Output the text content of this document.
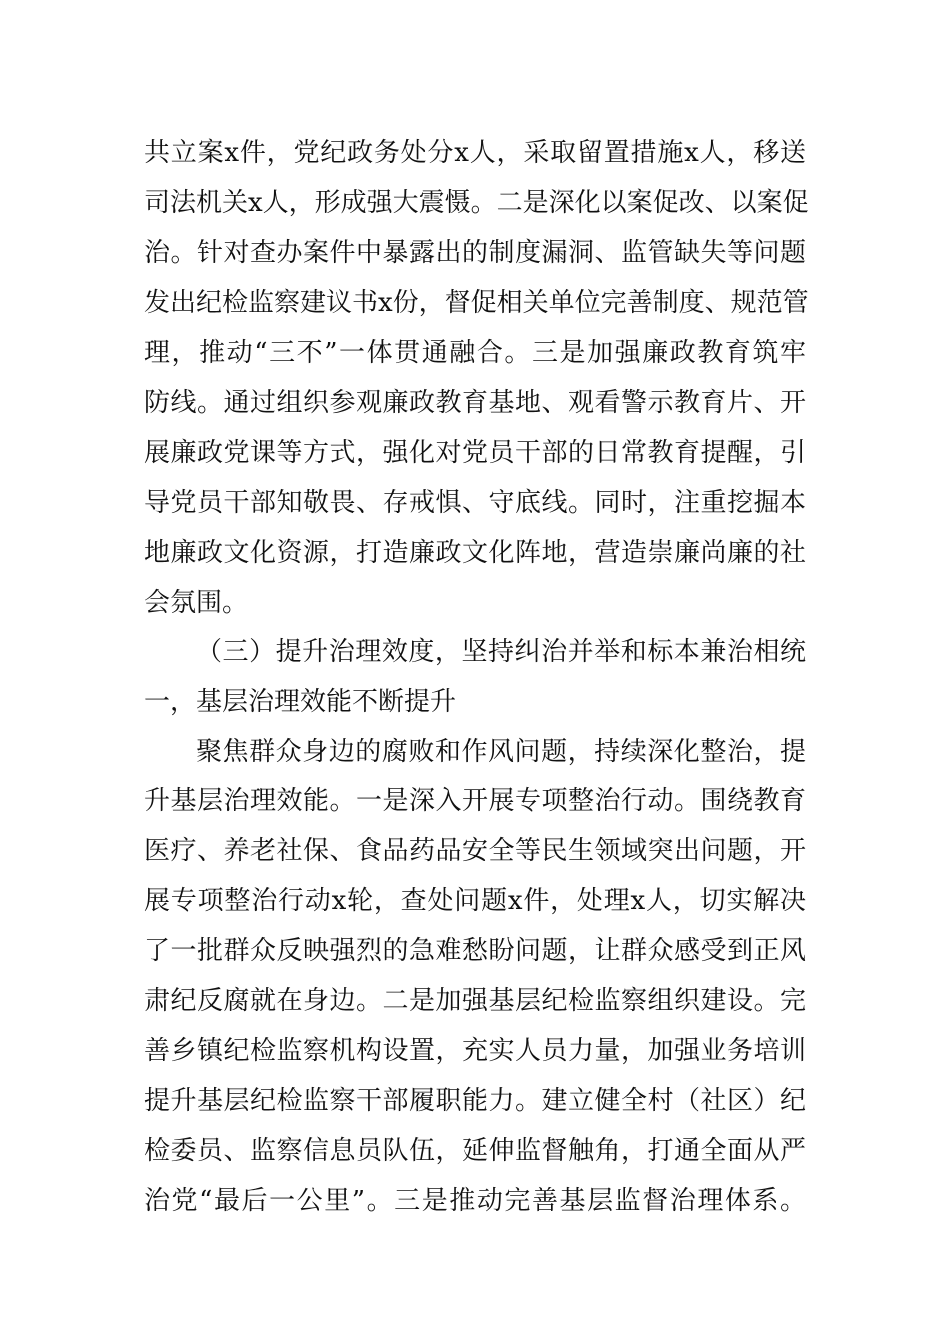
共立案x件，党纪政务处分x人，采取留置措施x人，移送
司法机关x人，形成强大震慑。二是深化以案促改、以案促
治。针对查办案件中暴露出的制度漏洞、监管缺失等问题
发出纪检监察建议书x份，督促相关单位完善制度、规范管
理，推动“三不”一体贯通融合。三是加强廉政教育筑牢
防线。通过组织参观廉政教育基地、观看警示教育片、开
展廉政党课等方式，强化对党员干部的日常教育提醒，引
导党员干部知敬畏、存戒惧、守底线。同时，注重挖掘本
地廉政文化资源，打造廉政文化阵地，营造崇廉尚廉的社
会氛围。
（三）提升治理效度，坚持纠治并举和标本兼治相统
一，基层治理效能不断提升
聚焦群众身边的腐败和作风问题，持续深化整治，提
升基层治理效能。一是深入开展专项整治行动。围绕教育
医疗、养老社保、食品药品安全等民生领域突出问题，开
展专项整治行动x轮，查处问题x件，处理x人，切实解决
了一批群众反映强烈的急难愁盼问题，让群众感受到正风
肃纪反腐就在身边。二是加强基层纪检监察组织建设。完
善乡镇纪检监察机构设置，充实人员力量，加强业务培训
提升基层纪检监察干部履职能力。建立健全村（社区）纪
检委员、监察信息员队伍，延伸监督触角，打通全面从严
治党“最后一公里”。三是推动完善基层监督治理体系。
